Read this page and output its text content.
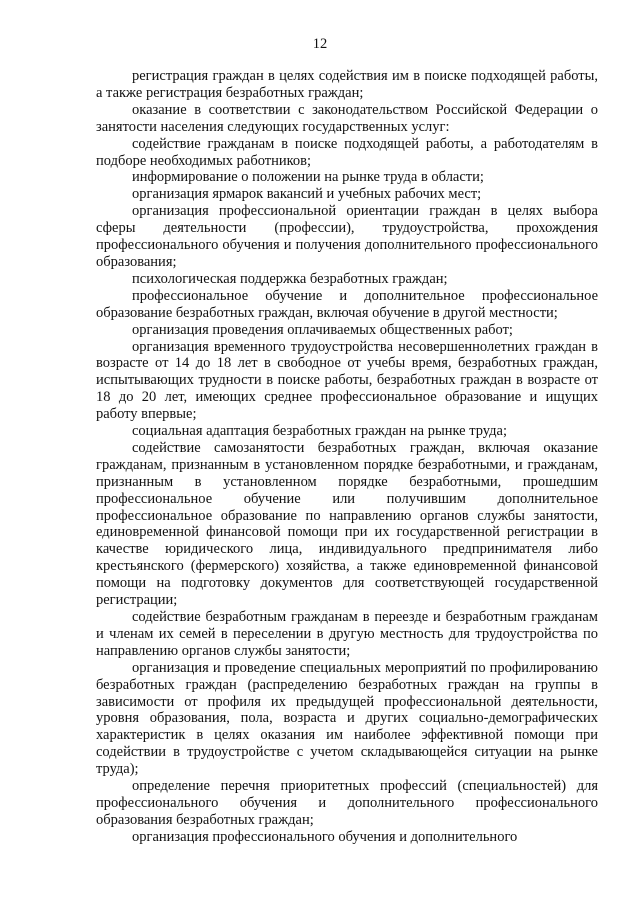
12

регистрация граждан в целях содействия им в поиске подходящей работы, а также регистрация безработных граждан;

оказание в соответствии с законодательством Российской Федерации о занятости населения следующих государственных услуг:

содействие гражданам в поиске подходящей работы, а работодателям в подборе необходимых работников;

информирование о положении на рынке труда в области;

организация ярмарок вакансий и учебных рабочих мест;

организация профессиональной ориентации граждан в целях выбора сферы деятельности (профессии), трудоустройства, прохождения профессионального обучения и получения дополнительного профессионального образования;

психологическая поддержка безработных граждан;

профессиональное обучение и дополнительное профессиональное образование безработных граждан, включая обучение в другой местности;

организация проведения оплачиваемых общественных работ;

организация временного трудоустройства несовершеннолетних граждан в возрасте от 14 до 18 лет в свободное от учебы время, безработных граждан, испытывающих трудности в поиске работы, безработных граждан в возрасте от 18 до 20 лет, имеющих среднее профессиональное образование и ищущих работу впервые;

социальная адаптация безработных граждан на рынке труда;

содействие самозанятости безработных граждан, включая оказание гражданам, признанным в установленном порядке безработными, и гражданам, признанным в установленном порядке безработными, прошедшим профессиональное обучение или получившим дополнительное профессиональное образование по направлению органов службы занятости, единовременной финансовой помощи при их государственной регистрации в качестве юридического лица, индивидуального предпринимателя либо крестьянского (фермерского) хозяйства, а также единовременной финансовой помощи на подготовку документов для соответствующей государственной регистрации;

содействие безработным гражданам в переезде и безработным гражданам и членам их семей в переселении в другую местность для трудоустройства по направлению органов службы занятости;

организация и проведение специальных мероприятий по профилированию безработных граждан (распределению безработных граждан на группы в зависимости от профиля их предыдущей профессиональной деятельности, уровня образования, пола, возраста и других социально-демографических характеристик в целях оказания им наиболее эффективной помощи при содействии в трудоустройстве с учетом складывающейся ситуации на рынке труда);

определение перечня приоритетных профессий (специальностей) для профессионального обучения и дополнительного профессионального образования безработных граждан;

организация профессионального обучения и дополнительного
